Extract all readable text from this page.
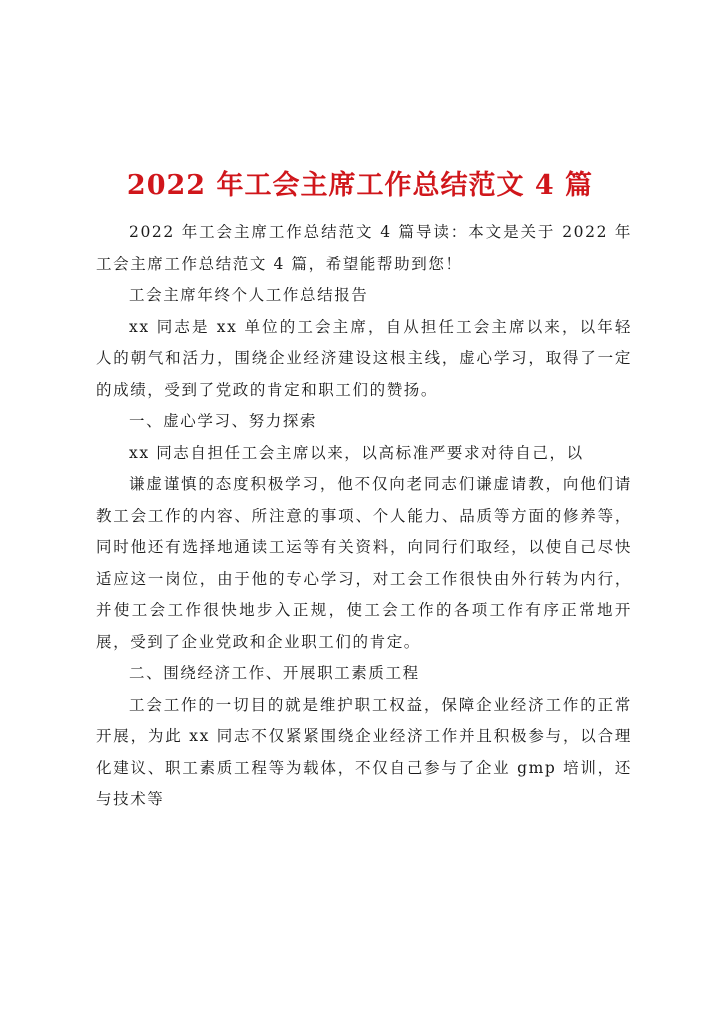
2022 年工会主席工作总结范文 4 篇

2022 年工会主席工作总结范文 4 篇导读：本文是关于 2022 年工会主席工作总结范文 4 篇，希望能帮助到您！

工会主席年终个人工作总结报告

xx 同志是 xx 单位的工会主席，自从担任工会主席以来，以年轻人的朝气和活力，围绕企业经济建设这根主线，虚心学习，取得了一定的成绩，受到了党政的肯定和职工们的赞扬。

一、虚心学习、努力探索

xx 同志自担任工会主席以来，以高标准严要求对待自己，以

谦虚谨慎的态度积极学习，他不仅向老同志们谦虚请教，向他们请教工会工作的内容、所注意的事项、个人能力、品质等方面的修养等，同时他还有选择地通读工运等有关资料，向同行们取经，以使自己尽快适应这一岗位，由于他的专心学习，对工会工作很快由外行转为内行，并使工会工作很快地步入正规，使工会工作的各项工作有序正常地开展，受到了企业党政和企业职工们的肯定。

二、围绕经济工作、开展职工素质工程

工会工作的一切目的就是维护职工权益，保障企业经济工作的正常开展，为此 xx 同志不仅紧紧围绕企业经济工作并且积极参与，以合理化建议、职工素质工程等为载体，不仅自己参与了企业 gmp 培训，还与技术等
